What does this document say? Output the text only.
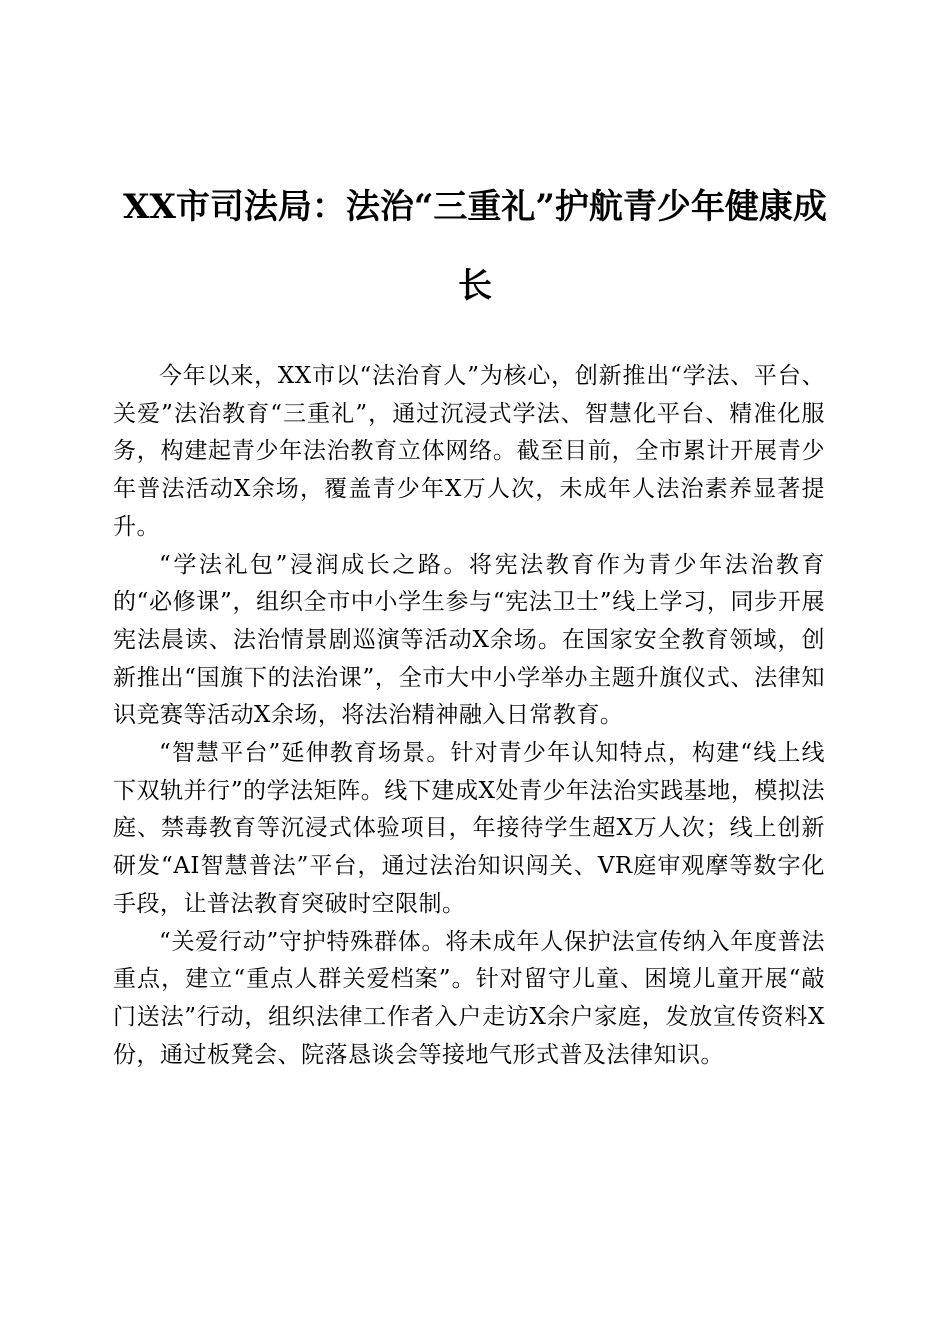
XX市司法局：法治“三重礼”护航青少年健康成长

今年以来，XX市以“法治育人”为核心，创新推出“学法、平台、关爱”法治教育“三重礼”，通过沉浸式学法、智慧化平台、精准化服务，构建起青少年法治教育立体网络。截至目前，全市累计开展青少年普法活动X余场，覆盖青少年X万人次，未成年人法治素养显著提升。

“学法礼包”浸润成长之路。将宪法教育作为青少年法治教育的“必修课”，组织全市中小学生参与“宪法卫士”线上学习，同步开展宪法晨读、法治情景剧巡演等活动X余场。在国家安全教育领域，创新推出“国旗下的法治课”，全市大中小学举办主题升旗仪式、法律知识竞赛等活动X余场，将法治精神融入日常教育。

“智慧平台”延伸教育场景。针对青少年认知特点，构建“线上线下双轨并行”的学法矩阵。线下建成X处青少年法治实践基地，模拟法庭、禁毒教育等沉浸式体验项目，年接待学生超X万人次；线上创新研发“AI智慧普法”平台，通过法治知识闯关、VR庭审观摩等数字化手段，让普法教育突破时空限制。

“关爱行动”守护特殊群体。将未成年人保护法宣传纳入年度普法重点，建立“重点人群关爱档案”。针对留守儿童、困境儿童开展“敲门送法”行动，组织法律工作者入户走访X余户家庭，发放宣传资料X份，通过板凳会、院落恳谈会等接地气形式普及法律知识。
